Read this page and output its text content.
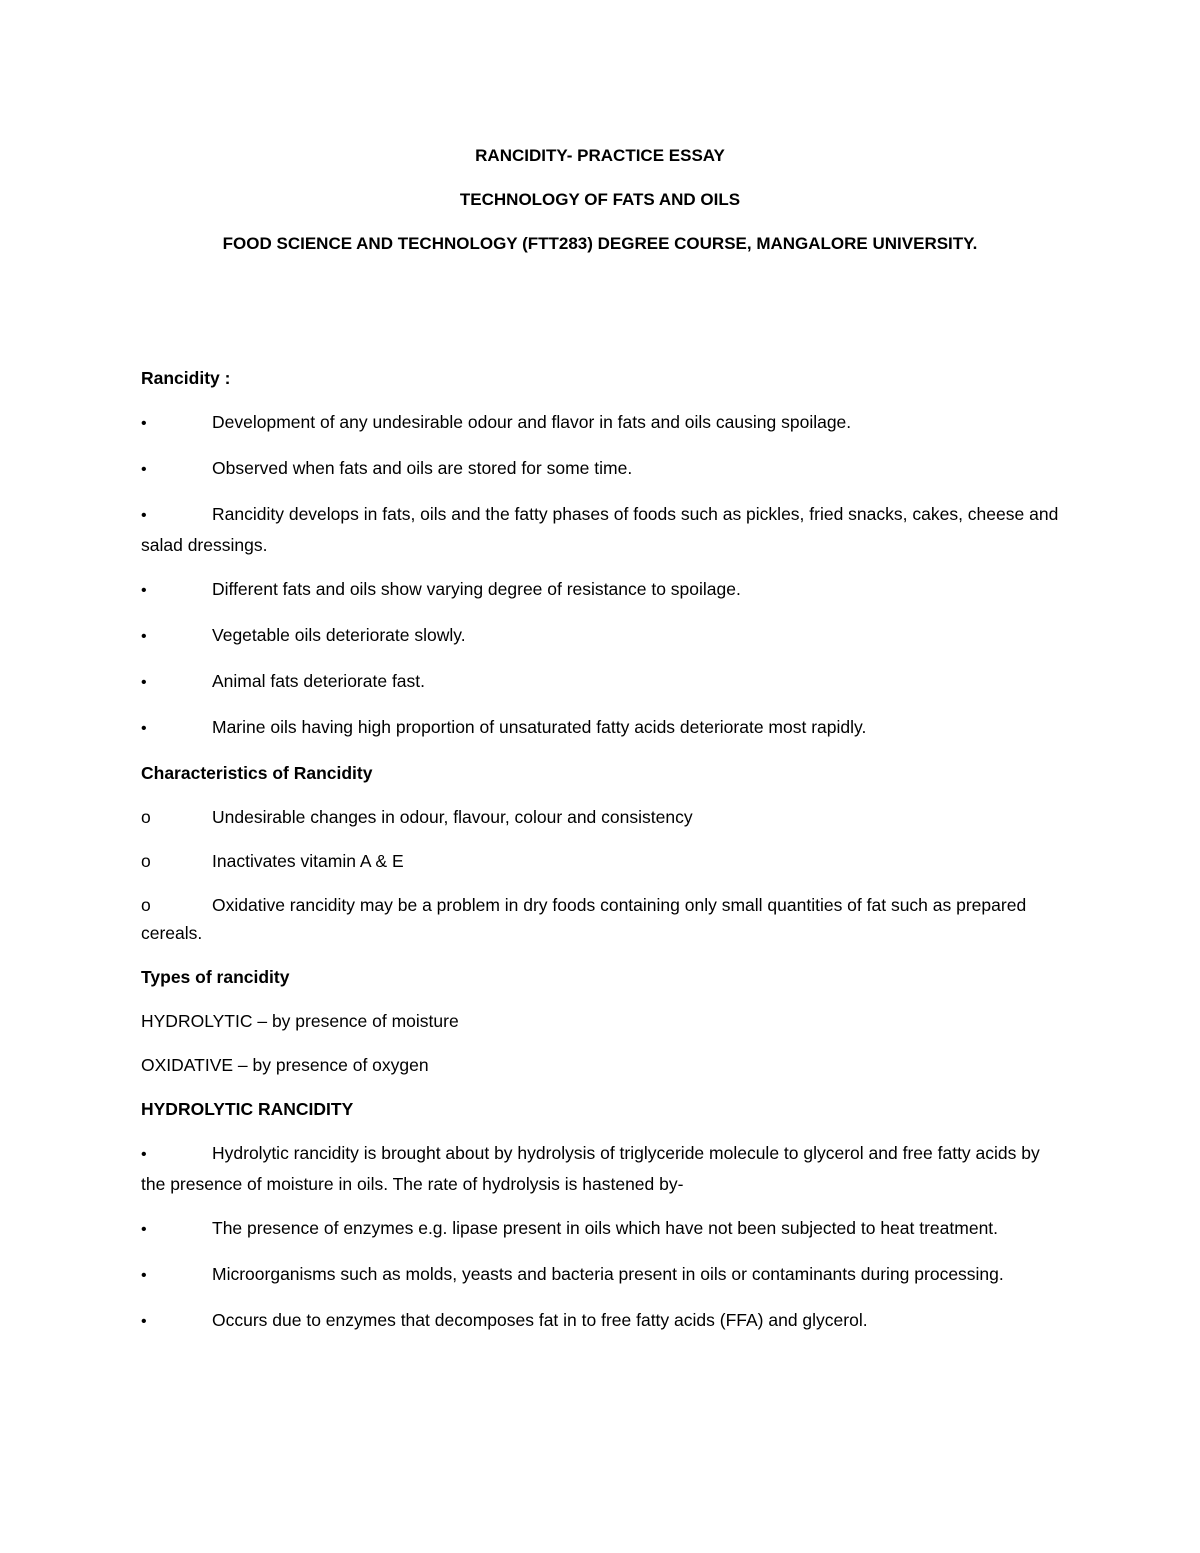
RANCIDITY- PRACTICE ESSAY
TECHNOLOGY OF FATS AND OILS
FOOD SCIENCE AND TECHNOLOGY (FTT283) DEGREE COURSE, MANGALORE UNIVERSITY.
Rancidity :
•	Development of any undesirable odour and flavor in fats and oils causing spoilage.
•	Observed when fats and oils are stored for some time.
•	Rancidity develops in fats, oils and the fatty phases of foods such as pickles, fried snacks, cakes, cheese and salad dressings.
•	Different fats and oils show varying degree of resistance to spoilage.
•	Vegetable oils deteriorate slowly.
•	Animal fats deteriorate fast.
•	Marine oils having high proportion of unsaturated fatty acids deteriorate most rapidly.
Characteristics of Rancidity
o	Undesirable changes in odour, flavour, colour and consistency
o	Inactivates vitamin A & E
o	Oxidative rancidity may be a problem in dry foods containing only small quantities of fat such as prepared cereals.
Types of rancidity
HYDROLYTIC – by presence of moisture
OXIDATIVE – by presence of oxygen
HYDROLYTIC RANCIDITY
•	Hydrolytic rancidity is brought about by hydrolysis of triglyceride molecule to glycerol and free fatty acids by the presence of moisture in oils. The rate of hydrolysis is hastened by-
•	The presence of enzymes e.g. lipase present in oils which have not been subjected to heat treatment.
•	Microorganisms such as molds, yeasts and bacteria present in oils or contaminants during processing.
•	Occurs due to enzymes that decomposes fat in to free fatty acids (FFA) and glycerol.
